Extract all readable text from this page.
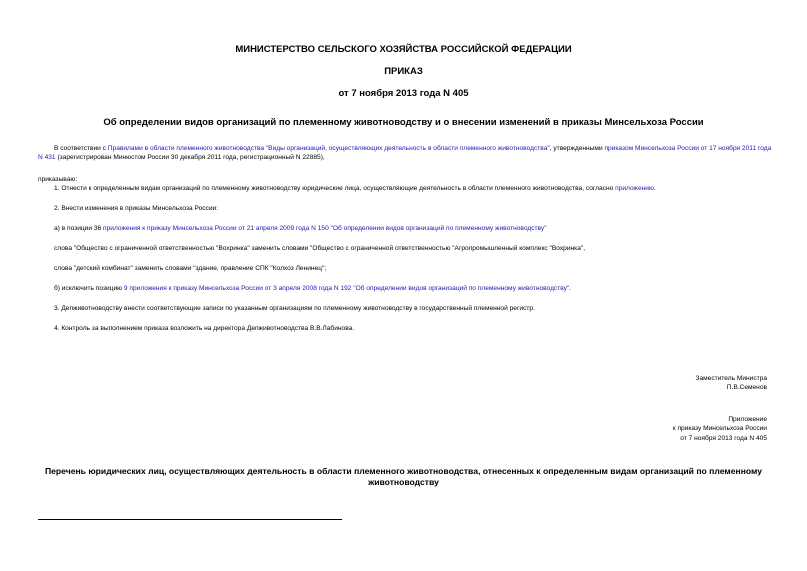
МИНИСТЕРСТВО СЕЛЬСКОГО ХОЗЯЙСТВА РОССИЙСКОЙ ФЕДЕРАЦИИ
ПРИКАЗ
от 7 ноября 2013 года N 405
Об определении видов организаций по племенному животноводству и о внесении изменений в приказы Минсельхоза России

В соответствии с Правилами в области племенного животноводства "Виды организаций, осуществляющих деятельность в области племенного животноводства", утвержденными приказом Минсельхоза России от 17 ноября 2011 года N 431 (зарегистрирован Минюстом России 30 декабря 2011 года, регистрационный N 22885),

приказываю:

1. Отнести к определенным видам организаций по племенному животноводству юридические лица, осуществляющие деятельность в области племенного животноводства, согласно приложению.

2. Внести изменения в приказы Минсельхоза России:

а) в позиции 36 приложения к приказу Минсельхоза России от 21 апреля 2009 года N 150 "Об определении видов организаций по племенному животноводству"

слова "Общество с ограниченной ответственностью "Вохринка" заменить словами "Общество с ограниченной ответственностью "Агропромышленный комплекс "Вохринка",

слова "детский комбинат" заменить словами "здание, правление СПК "Колхоз Ленинец";

б) исключить позицию 9 приложения к приказу Минсельхоза России от 3 апреля 2008 года N 192 "Об определении видов организаций по племенному животноводству".

3. Депживотноводству внести соответствующие записи по указанным организациям по племенному животноводству в государственный племенной регистр.

4. Контроль за выполнением приказа возложить на директора Депживотноводства В.В.Лабинова.

Заместитель Министра
П.В.Семенов
Приложение
к приказу Минсельхоза России
от 7 ноября 2013 года N 405
Перечень юридических лиц, осуществляющих деятельность в области племенного животноводства, отнесенных к определенным видам организаций по племенному животноводству
